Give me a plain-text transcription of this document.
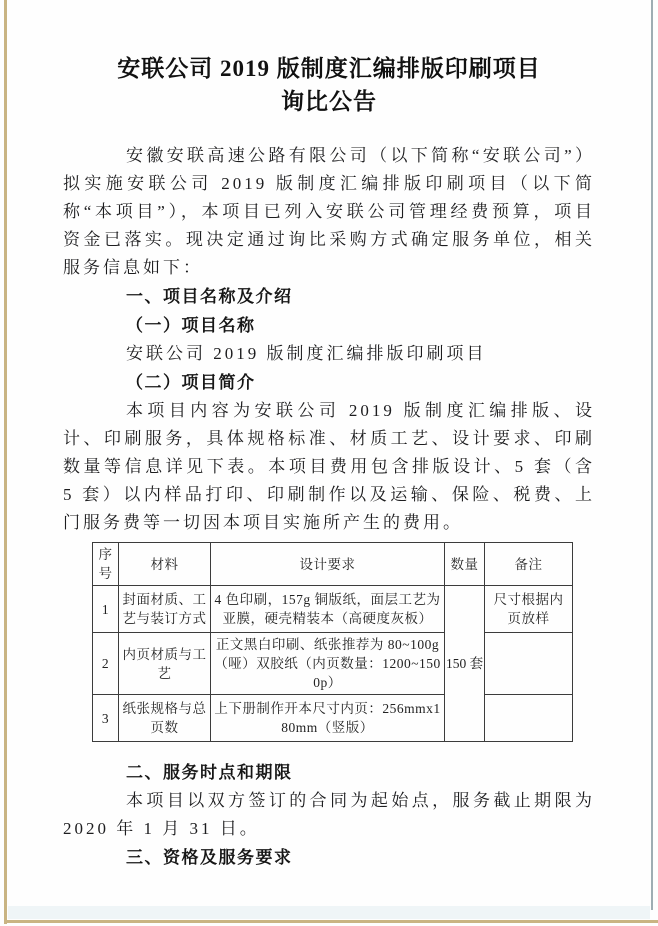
安联公司 2019 版制度汇编排版印刷项目
询比公告

安徽安联高速公路有限公司（以下简称“安联公司”）拟实施安联公司 2019 版制度汇编排版印刷项目（以下简称“本项目”），本项目已列入安联公司管理经费预算，项目资金已落实。现决定通过询比采购方式确定服务单位，相关服务信息如下：

一、项目名称及介绍

（一）项目名称

安联公司 2019 版制度汇编排版印刷项目

（二）项目简介

本项目内容为安联公司 2019 版制度汇编排版、设计、印刷服务，具体规格标准、材质工艺、设计要求、印刷数量等信息详见下表。本项目费用包含排版设计、5 套（含 5 套）以内样品打印、印刷制作以及运输、保险、税费、上门服务费等一切因本项目实施所产生的费用。

序号	材料	设计要求	数量	备注
1	封面材质、工艺与装订方式	4 色印刷，157g 铜版纸，面层工艺为亚膜，硬壳精装本（高硬度灰板）	150 套	尺寸根据内页放样
2	内页材质与工艺	正文黑白印刷、纸张推荐为 80~100g（哑）双胶纸（内页数量：1200~1500p）		
3	纸张规格与总页数	上下册制作开本尺寸内页：256mmx180mm（竖版）		

二、服务时点和期限

本项目以双方签订的合同为起始点，服务截止期限为 2020 年 1 月 31 日。

三、资格及服务要求
